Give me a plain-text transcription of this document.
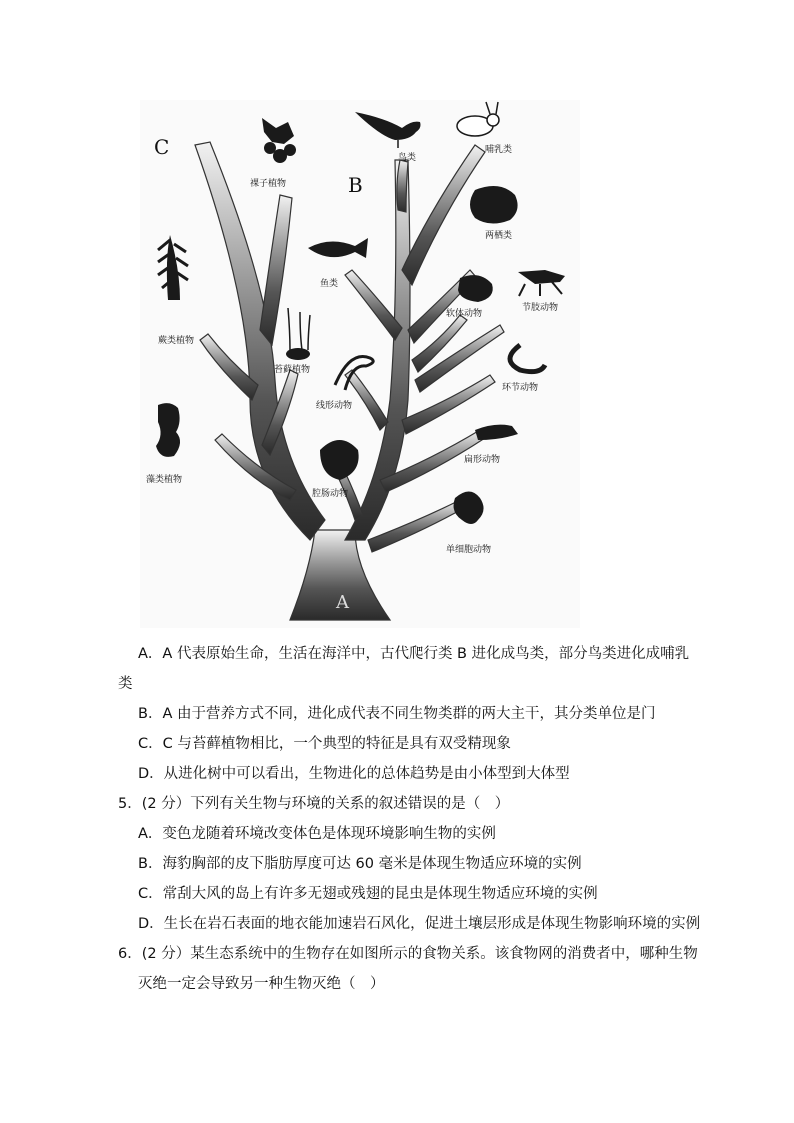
C
B
A
裸子植物
鸟类
哺乳类
两栖类
鱼类
软体动物
节肢动物
蕨类植物
苔藓植物
线形动物
环节动物
藻类植物
扁形动物
腔肠动物
单细胞动物
A．A 代表原始生命，生活在海洋中，古代爬行类 B 进化成鸟类，部分鸟类进化成哺乳
类
B．A 由于营养方式不同，进化成代表不同生物类群的两大主干，其分类单位是门
C．C 与苔藓植物相比，一个典型的特征是具有双受精现象
D．从进化树中可以看出，生物进化的总体趋势是由小体型到大体型
5．(2 分）下列有关生物与环境的关系的叙述错误的是（　）
A．变色龙随着环境改变体色是体现环境影响生物的实例
B．海豹胸部的皮下脂肪厚度可达 60 毫米是体现生物适应环境的实例
C．常刮大风的岛上有许多无翅或残翅的昆虫是体现生物适应环境的实例
D．生长在岩石表面的地衣能加速岩石风化，促进土壤层形成是体现生物影响环境的实例
6．(2 分）某生态系统中的生物存在如图所示的食物关系。该食物网的消费者中，哪种生物
灭绝一定会导致另一种生物灭绝（　）
